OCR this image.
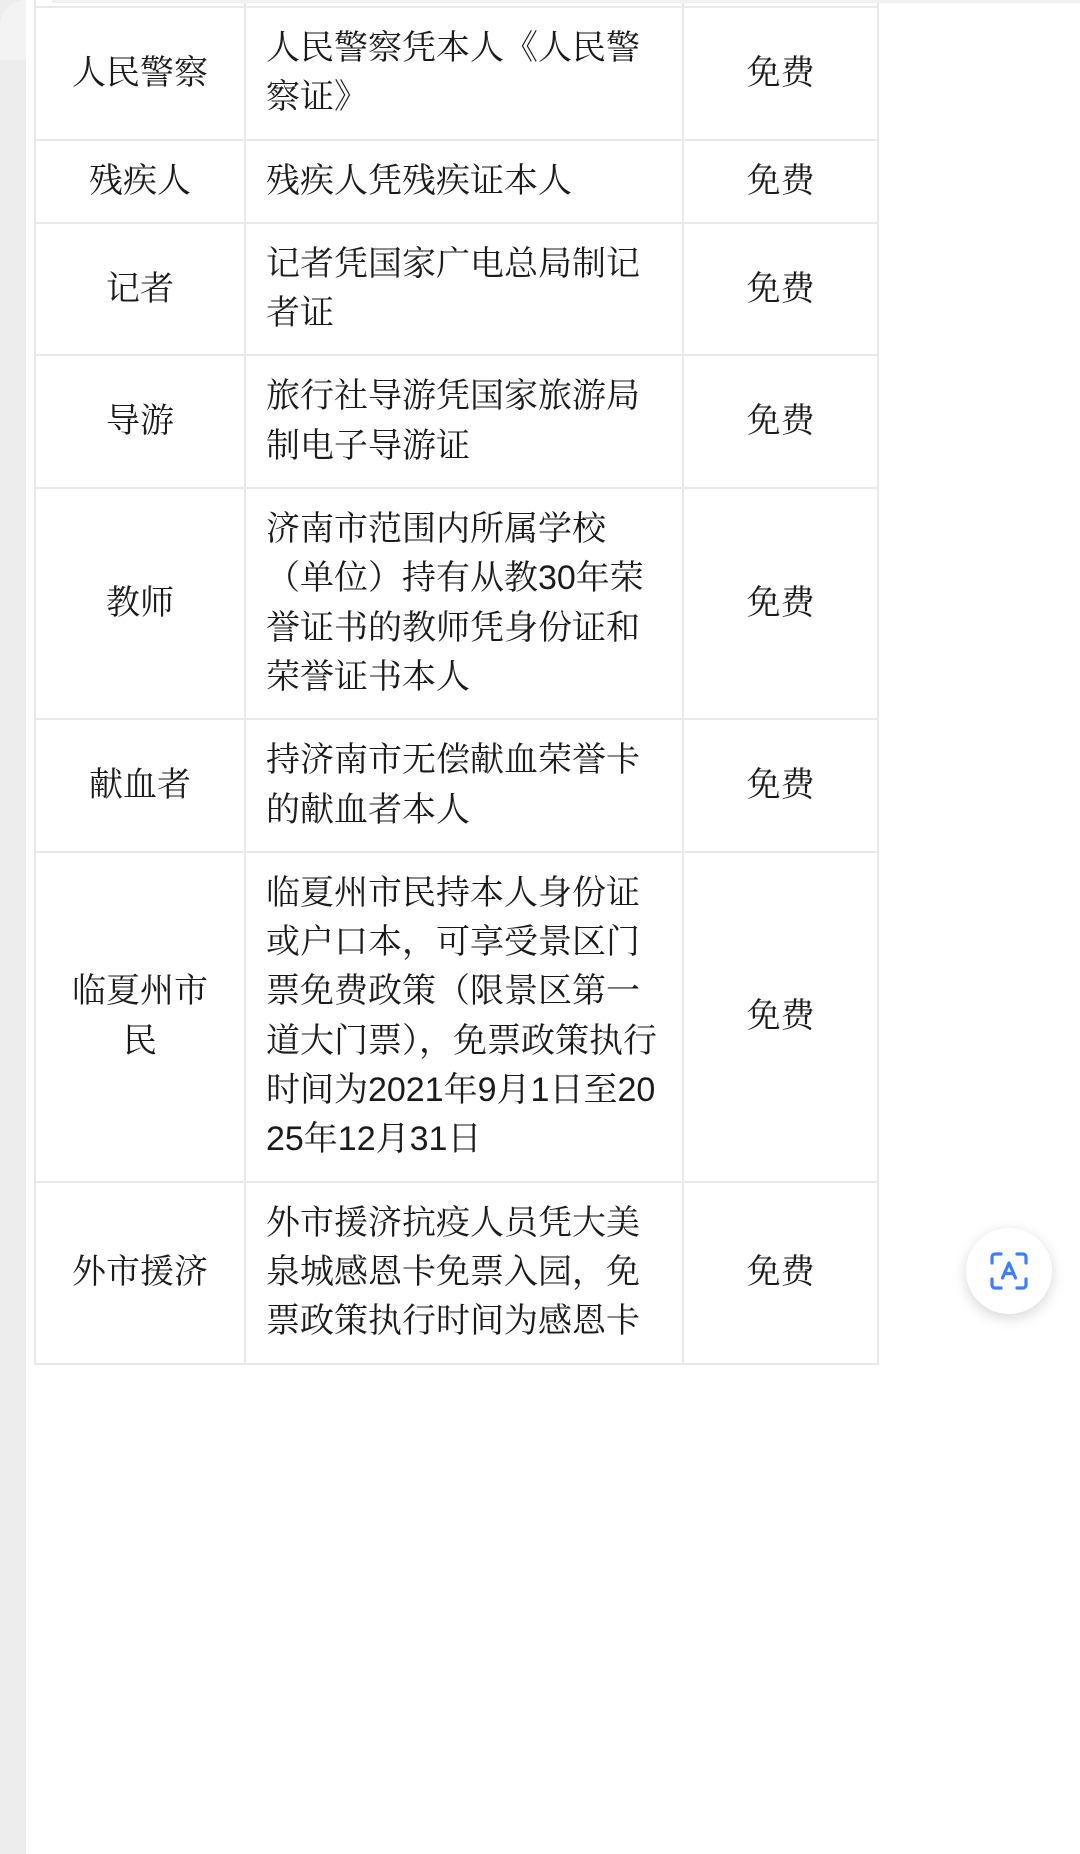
人民警察	人民警察凭本人《人民警察证》	免费
残疾人	残疾人凭残疾证本人	免费
记者	记者凭国家广电总局制记者证	免费
导游	旅行社导游凭国家旅游局制电子导游证	免费
教师	济南市范围内所属学校（单位）持有从教30年荣誉证书的教师凭身份证和荣誉证书本人	免费
献血者	持济南市无偿献血荣誉卡的献血者本人	免费
临夏州市民	临夏州市民持本人身份证或户口本，可享受景区门票免费政策（限景区第一道大门票），免票政策执行时间为2021年9月1日至2025年12月31日	免费
外市援济	外市援济抗疫人员凭大美泉城感恩卡免票入园，免票政策执行时间为感恩卡	免费
